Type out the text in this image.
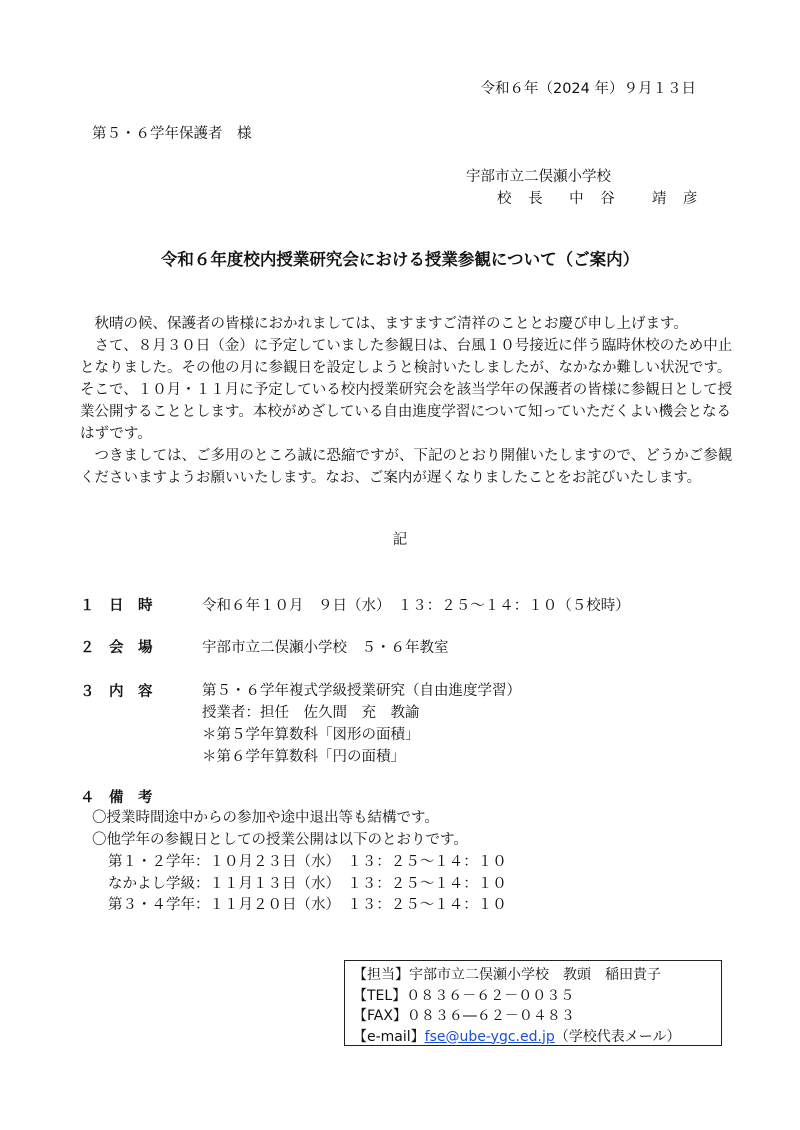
令和６年（2024 年）９月１３日
第５・６学年保護者　様
宇部市立二俣瀬小学校
校 長　中 谷　 靖 彦
令和６年度校内授業研究会における授業参観について（ご案内）

秋晴の候、保護者の皆様におかれましては、ますますご清祥のこととお慶び申し上げます。

さて、８月３０日（金）に予定していました参観日は、台風１０号接近に伴う臨時休校のため中止となりました。その他の月に参観日を設定しようと検討いたしましたが、なかなか難しい状況です。そこで、１０月・１１月に予定している校内授業研究会を該当学年の保護者の皆様に参観日として授業公開することとします。本校がめざしている自由進度学習について知っていただくよい機会となるはずです。

つきましては、ご多用のところ誠に恐縮ですが、下記のとおり開催いたしますので、どうかご参観くださいますようお願いいたします。なお、ご案内が遅くなりましたことをお詫びいたします。

記
１　日　時	令和６年１０月　９日（水）　１３：２５～１４：１０（５校時）
２　会　場	宇部市立二俣瀬小学校　５・６年教室
３　内　容	第５・６学年複式学級授業研究（自由進度学習）
授業者：担任　佐久間　充　教諭
＊第５学年算数科「図形の面積」
＊第６学年算数科「円の面積」
４　備　考
〇授業時間途中からの参加や途中退出等も結構です。
〇他学年の参観日としての授業公開は以下のとおりです。
第１・２学年：１０月２３日（水）　１３：２５～１４：１０
なかよし学級：１１月１３日（水）　１３：２５～１４：１０
第３・４学年：１１月２０日（水）　１３：２５～１４：１０
【担当】宇部市立二俣瀬小学校　教頭　稲田貴子
【TEL】０８３６－６２－００３５
【FAX】０８３６―６２－０４８３
【e-mail】fse@ube-ygc.ed.jp（学校代表メール）
